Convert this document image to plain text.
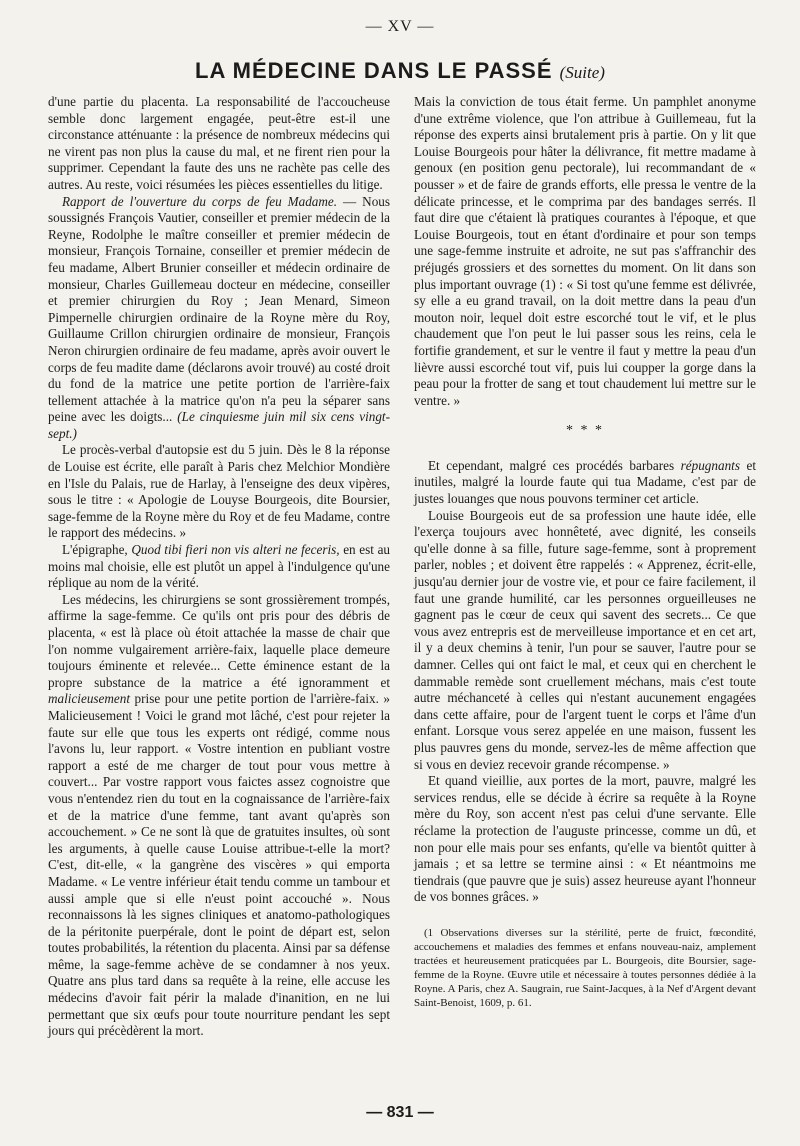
— XV —
LA MÉDECINE DANS LE PASSÉ (Suite)

d'une partie du placenta. La responsabilité de l'accoucheuse semble donc largement engagée, peut-être est-il une circonstance atténuante : la présence de nombreux médecins qui ne virent pas non plus la cause du mal, et ne firent rien pour la supprimer. Cependant la faute des uns ne rachète pas celle des autres. Au reste, voici résumées les pièces essentielles du litige.

Rapport de l'ouverture du corps de feu Madame. — Nous soussignés François Vautier, conseiller et premier médecin de la Reyne, Rodolphe le maître conseiller et premier médecin de monsieur, François Tornaine, conseiller et premier médecin de feu madame, Albert Brunier conseiller et médecin ordinaire de monsieur, Charles Guillemeau docteur en médecine, conseiller et premier chirurgien du Roy ; Jean Menard, Simeon Pimpernelle chirurgien ordinaire de la Royne mère du Roy, Guillaume Crillon chirurgien ordinaire de monsieur, François Neron chirurgien ordinaire de feu madame, après avoir ouvert le corps de feu madite dame (déclarons avoir trouvé) au costé droit du fond de la matrice une petite portion de l'arrière-faix tellement attachée à la matrice qu'on n'a peu la séparer sans peine avec les doigts... (Le cinquiesme juin mil six cens vingt-sept.)

Le procès-verbal d'autopsie est du 5 juin. Dès le 8 la réponse de Louise est écrite, elle paraît à Paris chez Melchior Mondière en l'Isle du Palais, rue de Harlay, à l'enseigne des deux vipères, sous le titre : « Apologie de Louyse Bourgeois, dite Boursier, sage-femme de la Royne mère du Roy et de feu Madame, contre le rapport des médecins. »

L'épigraphe, Quod tibi fieri non vis alteri ne feceris, en est au moins mal choisie, elle est plutôt un appel à l'indulgence qu'une réplique au nom de la vérité.

Les médecins, les chirurgiens se sont grossièrement trompés, affirme la sage-femme. Ce qu'ils ont pris pour des débris de placenta, « est là place où étoit attachée la masse de chair que l'on nomme vulgairement arrière-faix, laquelle place demeure toujours éminente et relevée... Cette éminence estant de la propre substance de la matrice a été ignoramment et malicieusement prise pour une petite portion de l'arrière-faix. » Malicieusement ! Voici le grand mot lâché, c'est pour rejeter la faute sur elle que tous les experts ont rédigé, comme nous l'avons lu, leur rapport. « Vostre intention en publiant vostre rapport a esté de me charger de tout pour vous mettre à couvert... Par vostre rapport vous faictes assez cognoistre que vous n'entendez rien du tout en la cognaissance de l'arrière-faix et de la matrice d'une femme, tant avant qu'après son accouchement. » Ce ne sont là que de gratuites insultes, où sont les arguments, à quelle cause Louise attribue-t-elle la mort? C'est, dit-elle, « la gangrène des viscères » qui emporta Madame. « Le ventre inférieur était tendu comme un tambour et aussi ample que si elle n'eust point accouché ». Nous reconnaissons là les signes cliniques et anatomo-pathologiques de la péritonite puerpérale, dont le point de départ est, selon toutes probabilités, la rétention du placenta. Ainsi par sa défense même, la sage-femme achève de se condamner à nos yeux. Quatre ans plus tard dans sa requête à la reine, elle accuse les médecins d'avoir fait périr la malade d'inanition, en ne lui permettant que six œufs pour toute nourriture pendant les sept jours qui précèdèrent la mort.

Mais la conviction de tous était ferme. Un pamphlet anonyme d'une extrême violence, que l'on attribue à Guillemeau, fut la réponse des experts ainsi brutalement pris à partie. On y lit que Louise Bourgeois pour hâter la délivrance, fit mettre madame à genoux (en position genu pectorale), lui recommandant de « pousser » et de faire de grands efforts, elle pressa le ventre de la délicate princesse, et le comprima par des bandages serrés. Il faut dire que c'étaient là pratiques courantes à l'époque, et que Louise Bourgeois, tout en étant d'ordinaire et pour son temps une sage-femme instruite et adroite, ne sut pas s'affranchir des préjugés grossiers et des sornettes du moment. On lit dans son plus important ouvrage (1) : « Si tost qu'une femme est délivrée, sy elle a eu grand travail, on la doit mettre dans la peau d'un mouton noir, lequel doit estre escorché tout le vif, et le plus chaudement que l'on peut le lui passer sous les reins, cela le fortifie grandement, et sur le ventre il faut y mettre la peau d'un lièvre aussi escorché tout vif, puis lui coupper la gorge dans la peau pour la frotter de sang et tout chaudement lui mettre sur le ventre. »

* * *

Et cependant, malgré ces procédés barbares répugnants et inutiles, malgré la lourde faute qui tua Madame, c'est par de justes louanges que nous pouvons terminer cet article.

Louise Bourgeois eut de sa profession une haute idée, elle l'exerça toujours avec honnêteté, avec dignité, les conseils qu'elle donne à sa fille, future sage-femme, sont à proprement parler, nobles ; et doivent être rappelés : « Apprenez, écrit-elle, jusqu'au dernier jour de vostre vie, et pour ce faire facilement, il faut une grande humilité, car les personnes orgueilleuses ne gagnent pas le cœur de ceux qui savent des secrets... Ce que vous avez entrepris est de merveilleuse importance et en cet art, il y a deux chemins à tenir, l'un pour se sauver, l'autre pour se damner. Celles qui ont faict le mal, et ceux qui en cherchent le dammable remède sont cruellement méchans, mais c'est toute autre méchanceté à celles qui n'estant aucunement engagées dans cette affaire, pour de l'argent tuent le corps et l'âme d'un enfant. Lorsque vous serez appelée en une maison, fussent les plus pauvres gens du monde, servez-les de même affection que si vous en deviez recevoir grande récompense. »

Et quand vieillie, aux portes de la mort, pauvre, malgré les services rendus, elle se décide à écrire sa requête à la Royne mère du Roy, son accent n'est pas celui d'une servante. Elle réclame la protection de l'auguste princesse, comme un dû, et non pour elle mais pour ses enfants, qu'elle va bientôt quitter à jamais ; et sa lettre se termine ainsi : « Et néantmoins me tiendrais (que pauvre que je suis) assez heureuse ayant l'honneur de vos bonnes grâces. »

(1 Observations diverses sur la stérilité, perte de fruict, fœcondité, accouchemens et maladies des femmes et enfans nouveau-naiz, amplement tractées et heureusement praticquées par L. Bourgeois, dite Boursier, sage-femme de la Royne. Œuvre utile et nécessaire à toutes personnes dédiée à la Royne. A Paris, chez A. Saugrain, rue Saint-Jacques, à la Nef d'Argent devant Saint-Benoist, 1609, p. 61.

— 831 —
